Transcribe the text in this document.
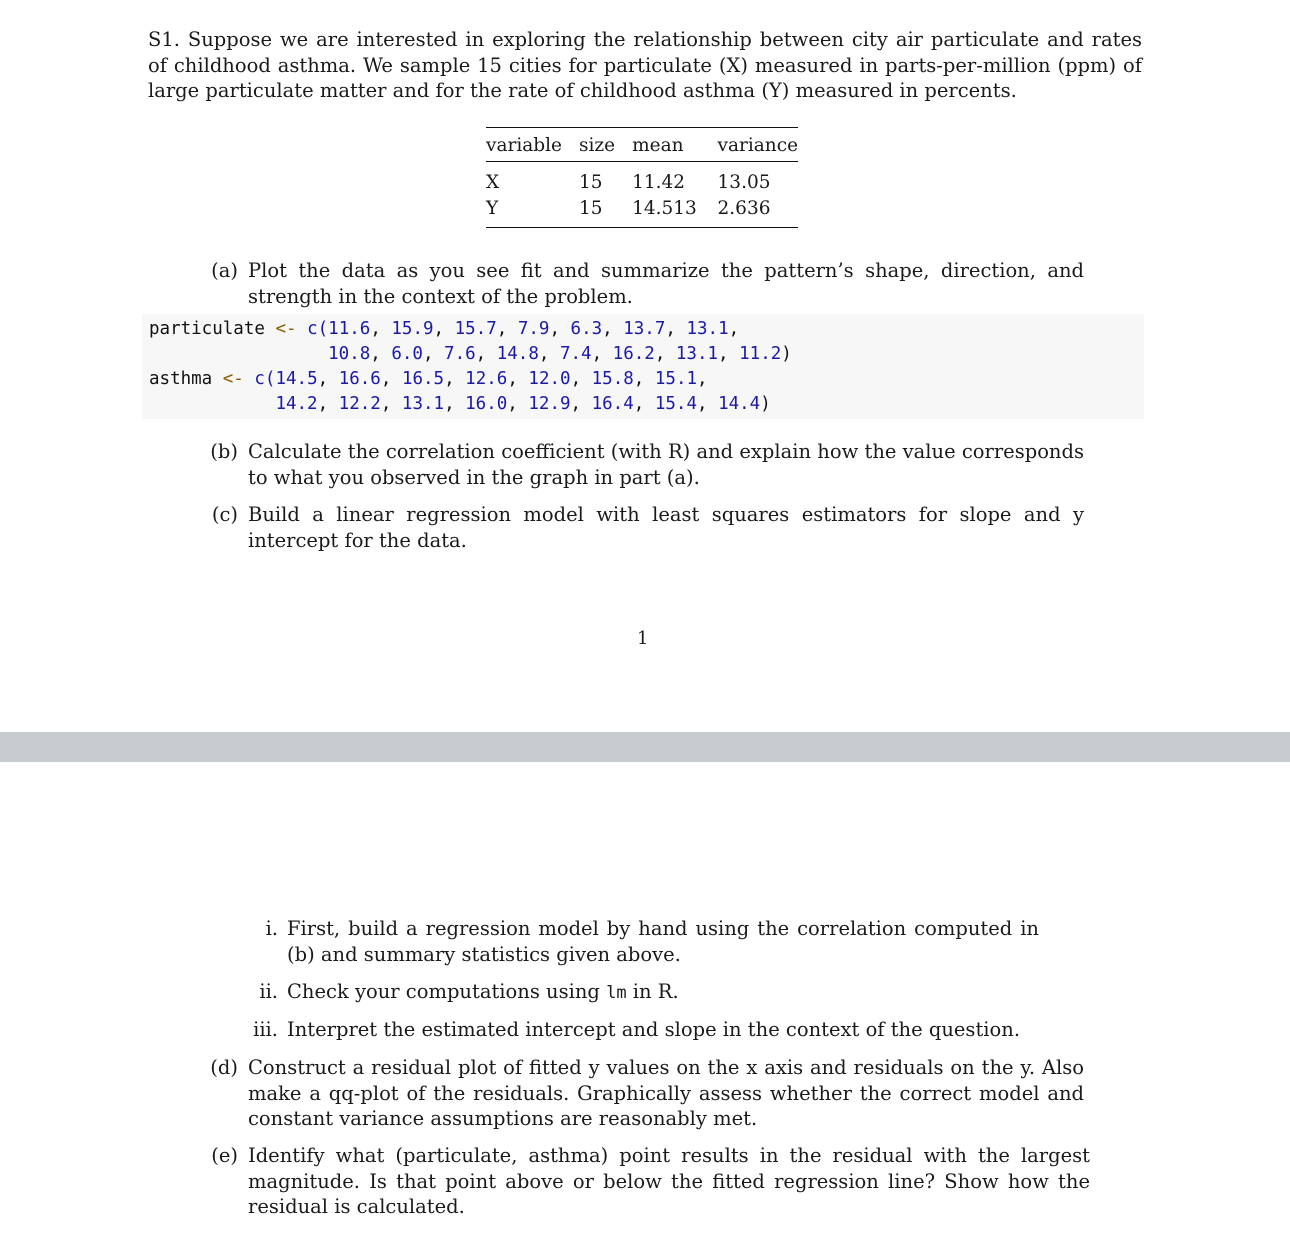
S1. Suppose we are interested in exploring the relationship between city air particulate and rates of childhood asthma. We sample 15 cities for particulate (X) measured in parts-per-million (ppm) of large particulate matter and for the rate of childhood asthma (Y) measured in percents.
variable	size	mean	variance
X	15	11.42	13.05
Y	15	14.513	2.636
(a) Plot the data as you see fit and summarize the pattern’s shape, direction, and strength in the context of the problem.
particulate <- c(11.6, 15.9, 15.7, 7.9, 6.3, 13.7, 13.1,
10.8, 6.0, 7.6, 14.8, 7.4, 16.2, 13.1, 11.2)
asthma <- c(14.5, 16.6, 16.5, 12.6, 12.0, 15.8, 15.1,
14.2, 12.2, 13.1, 16.0, 12.9, 16.4, 15.4, 14.4)
(b) Calculate the correlation coefficient (with R) and explain how the value corresponds to what you observed in the graph in part (a).
(c) Build a linear regression model with least squares estimators for slope and y intercept for the data.
1
i. First, build a regression model by hand using the correlation computed in (b) and summary statistics given above.
ii. Check your computations using lm in R.
iii. Interpret the estimated intercept and slope in the context of the question.
(d) Construct a residual plot of fitted y values on the x axis and residuals on the y. Also make a qq-plot of the residuals. Graphically assess whether the correct model and constant variance assumptions are reasonably met.
(e) Identify what (particulate, asthma) point results in the residual with the largest magnitude. Is that point above or below the fitted regression line? Show how the residual is calculated.
